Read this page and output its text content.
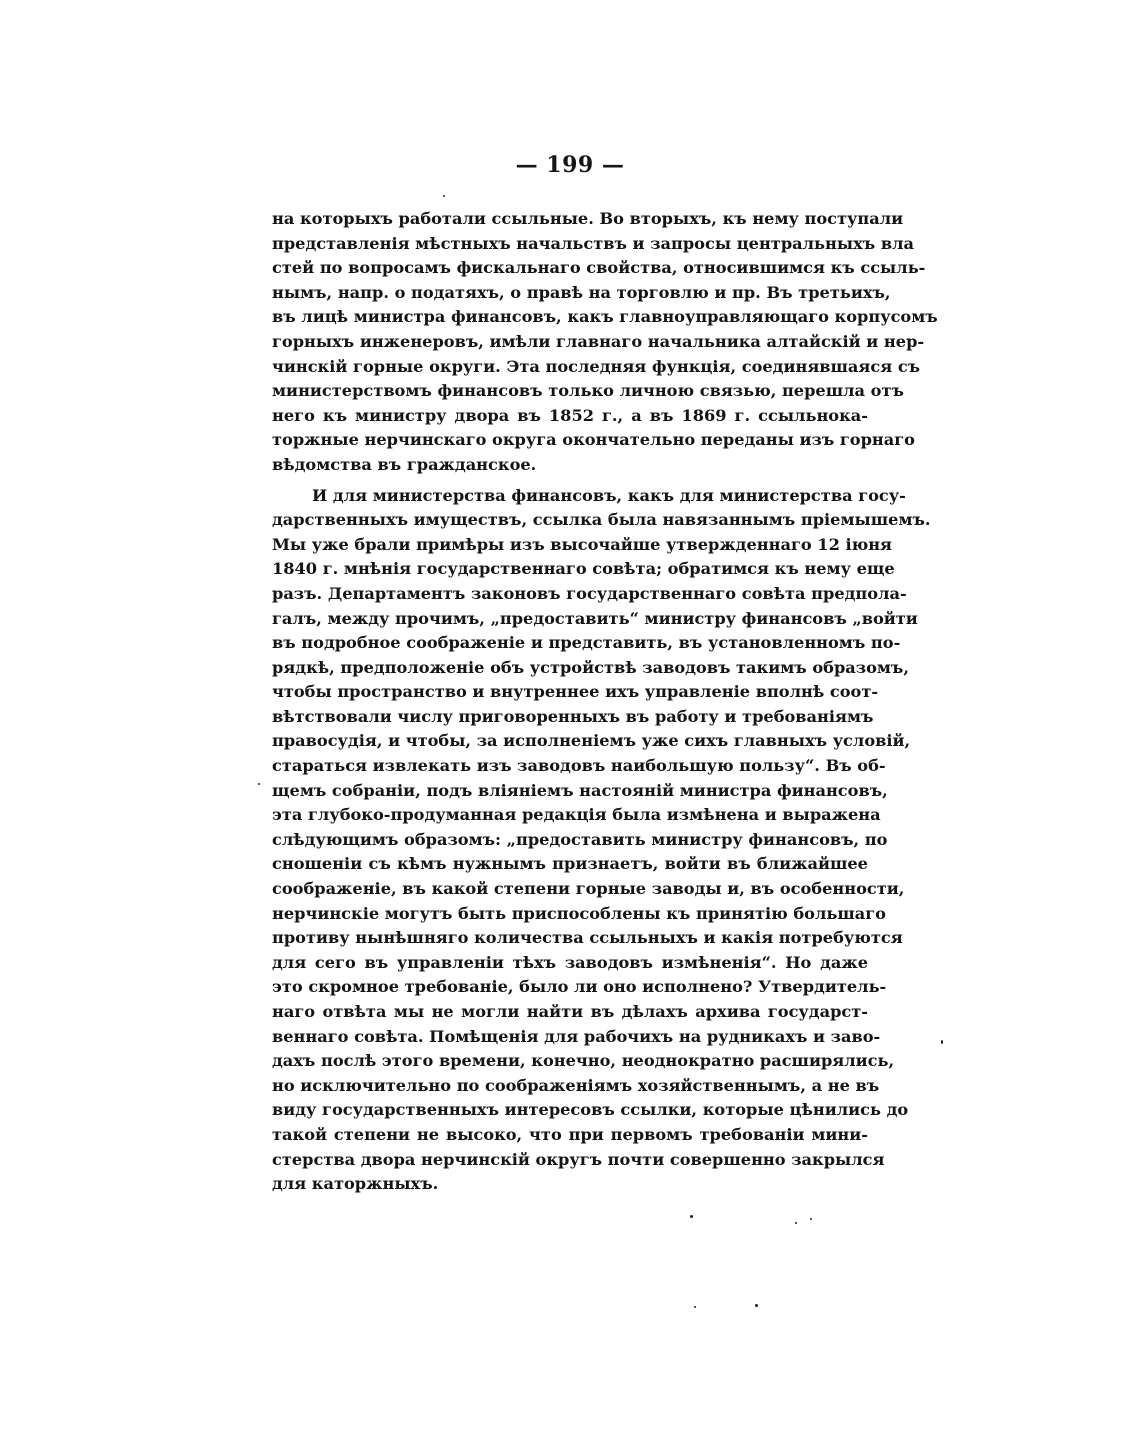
— 199 —
на которыхъ работали ссыльные. Во вторыхъ, къ нему поступали
представленія мѣстныхъ начальствъ и запросы центральныхъ вла
стей по вопросамъ фискальнаго свойства, относившимся къ ссыль-
нымъ, напр. о податяхъ, о правѣ на торговлю и пр. Въ третьихъ,
въ лицѣ министра финансовъ, какъ главноуправляющаго корпусомъ
горныхъ инженеровъ, имѣли главнаго начальника алтайскій и нер-
чинскій горные округи. Эта последняя функція, соединявшаяся съ
министерствомъ финансовъ только личною связью, перешла отъ
него къ министру двора въ 1852 г., а въ 1869 г. ссыльнока-
торжные нерчинскаго округа окончательно переданы изъ горнаго
вѣдомства въ гражданское.
И для министерства финансовъ, какъ для министерства госу-
дарственныхъ имуществъ, ссылка была навязаннымъ пріемышемъ.
Мы уже брали примѣры изъ высочайше утвержденнаго 12 іюня
1840 г. мнѣнія государственнаго совѣта; обратимся къ нему еще
разъ. Департаментъ законовъ государственнаго совѣта предпола-
галъ, между прочимъ, „предоставить“ министру финансовъ „войти
въ подробное соображеніе и представить, въ установленномъ по-
рядкѣ, предположеніе объ устройствѣ заводовъ такимъ образомъ,
чтобы пространство и внутреннее ихъ управленіе вполнѣ соот-
вѣтствовали числу приговоренныхъ въ работу и требованіямъ
правосудія, и чтобы, за исполненіемъ уже сихъ главныхъ условій,
стараться извлекать изъ заводовъ наибольшую пользу“. Въ об-
щемъ собраніи, подъ вліяніемъ настояній министра финансовъ,
эта глубоко-продуманная редакція была измѣнена и выражена
слѣдующимъ образомъ: „предоставить министру финансовъ, по
сношеніи съ кѣмъ нужнымъ признаетъ, войти въ ближайшее
соображеніе, въ какой степени горные заводы и, въ особенности,
нерчинскіе могутъ быть приспособлены къ принятію большаго
противу нынѣшняго количества ссыльныхъ и какія потребуются
для сего въ управленіи тѣхъ заводовъ измѣненія“. Но даже
это скромное требованіе, было ли оно исполнено? Утвердитель-
наго отвѣта мы не могли найти въ дѣлахъ архива государст-
веннаго совѣта. Помѣщенія для рабочихъ на рудникахъ и заво-
дахъ послѣ этого времени, конечно, неоднократно расширялись,
но исключительно по соображеніямъ хозяйственнымъ, а не въ
виду государственныхъ интересовъ ссылки, которые цѣнились до
такой степени не высоко, что при первомъ требованіи мини-
стерства двора нерчинскій округъ почти совершенно закрылся
для каторжныхъ.
